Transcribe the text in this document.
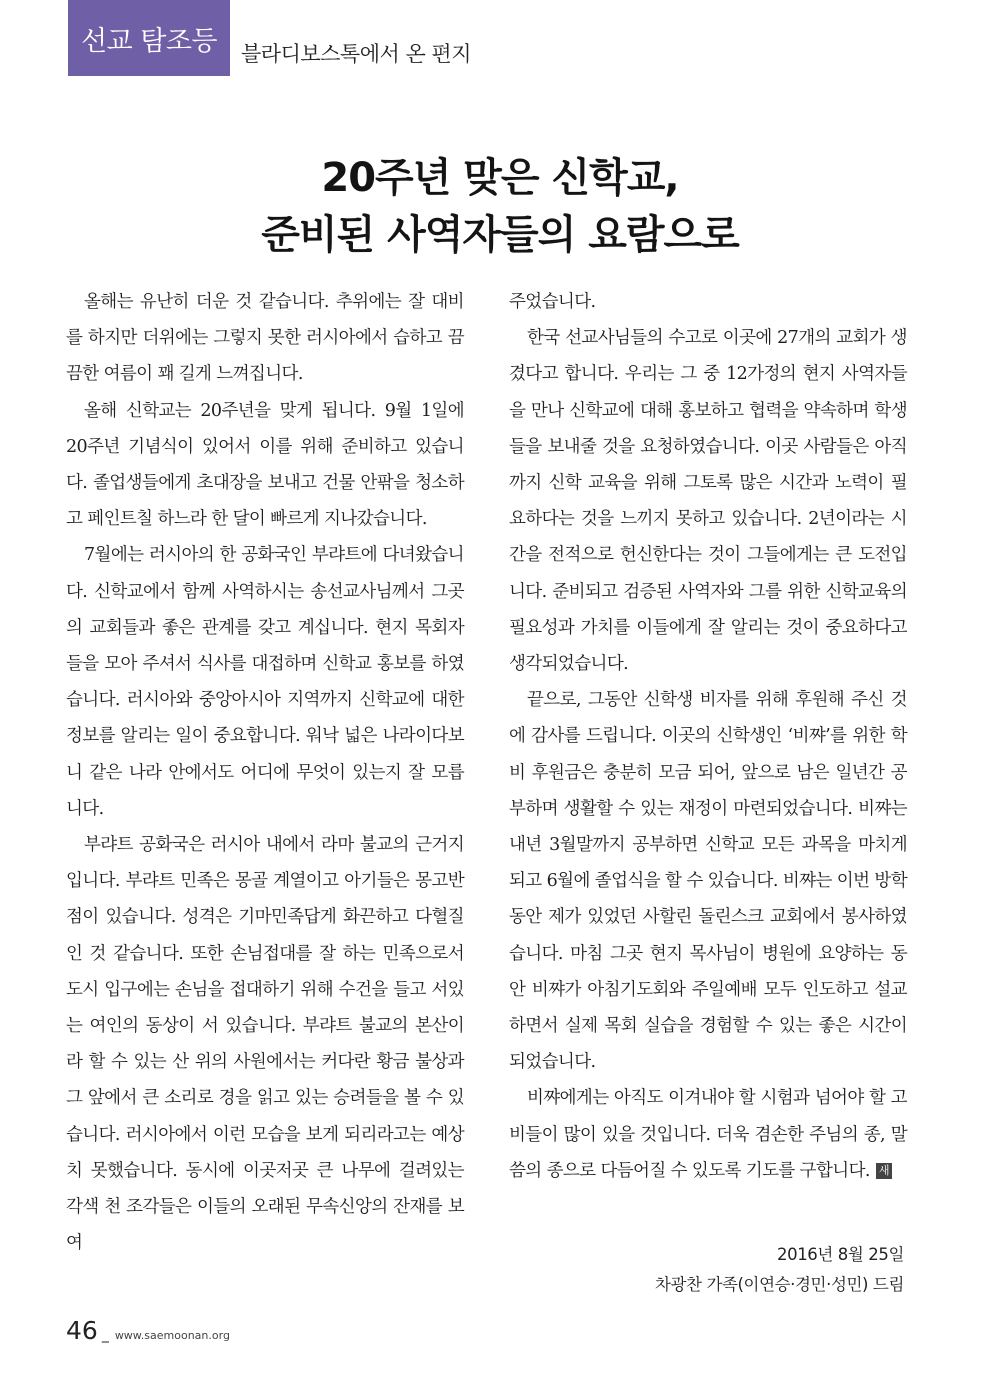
선교 탐조등	블라디보스톡에서 온 편지
20주년 맞은 신학교,
준비된 사역자들의 요람으로

올해는 유난히 더운 것 같습니다. 추위에는 잘 대비를 하지만 더위에는 그렇지 못한 러시아에서 습하고 끔끔한 여름이 꽤 길게 느껴집니다.

올해 신학교는 20주년을 맞게 됩니다. 9월 1일에 20주년 기념식이 있어서 이를 위해 준비하고 있습니다. 졸업생들에게 초대장을 보내고 건물 안팎을 청소하고 페인트칠 하느라 한 달이 빠르게 지나갔습니다.

7월에는 러시아의 한 공화국인 부랴트에 다녀왔습니다. 신학교에서 함께 사역하시는 송선교사님께서 그곳의 교회들과 좋은 관계를 갖고 계십니다. 현지 목회자들을 모아 주셔서 식사를 대접하며 신학교 홍보를 하였습니다. 러시아와 중앙아시아 지역까지 신학교에 대한 정보를 알리는 일이 중요합니다. 워낙 넓은 나라이다보니 같은 나라 안에서도 어디에 무엇이 있는지 잘 모릅니다.

부랴트 공화국은 러시아 내에서 라마 불교의 근거지입니다. 부랴트 민족은 몽골 계열이고 아기들은 몽고반점이 있습니다. 성격은 기마민족답게 화끈하고 다혈질인 것 같습니다. 또한 손님접대를 잘 하는 민족으로서 도시 입구에는 손님을 접대하기 위해 수건을 들고 서있는 여인의 동상이 서 있습니다. 부랴트 불교의 본산이라 할 수 있는 산 위의 사원에서는 커다란 황금 불상과 그 앞에서 큰 소리로 경을 읽고 있는 승려들을 볼 수 있습니다. 러시아에서 이런 모습을 보게 되리라고는 예상치 못했습니다. 동시에 이곳저곳 큰 나무에 걸려있는 각색 천 조각들은 이들의 오래된 무속신앙의 잔재를 보여

주었습니다.

한국 선교사님들의 수고로 이곳에 27개의 교회가 생겼다고 합니다. 우리는 그 중 12가정의 현지 사역자들을 만나 신학교에 대해 홍보하고 협력을 약속하며 학생들을 보내줄 것을 요청하였습니다. 이곳 사람들은 아직까지 신학 교육을 위해 그토록 많은 시간과 노력이 필요하다는 것을 느끼지 못하고 있습니다. 2년이라는 시간을 전적으로 헌신한다는 것이 그들에게는 큰 도전입니다. 준비되고 검증된 사역자와 그를 위한 신학교육의 필요성과 가치를 이들에게 잘 알리는 것이 중요하다고 생각되었습니다.

끝으로, 그동안 신학생 비자를 위해 후원해 주신 것에 감사를 드립니다. 이곳의 신학생인 ‘비쨔’를 위한 학비 후원금은 충분히 모금 되어, 앞으로 남은 일년간 공부하며 생활할 수 있는 재정이 마련되었습니다. 비쨔는 내년 3월말까지 공부하면 신학교 모든 과목을 마치게 되고 6월에 졸업식을 할 수 있습니다. 비쨔는 이번 방학동안 제가 있었던 사할린 돌린스크 교회에서 봉사하였습니다. 마침 그곳 현지 목사님이 병원에 요양하는 동안 비쨔가 아침기도회와 주일예배 모두 인도하고 설교하면서 실제 목회 실습을 경험할 수 있는 좋은 시간이 되었습니다.

비쨔에게는 아직도 이겨내야 할 시험과 넘어야 할 고비들이 많이 있을 것입니다. 더욱 겸손한 주님의 종, 말씀의 종으로 다듬어질 수 있도록 기도를 구합니다. 새

2016년 8월 25일
차광찬 가족(이연승·경민·성민) 드림
46 _ www.saemoonan.org
